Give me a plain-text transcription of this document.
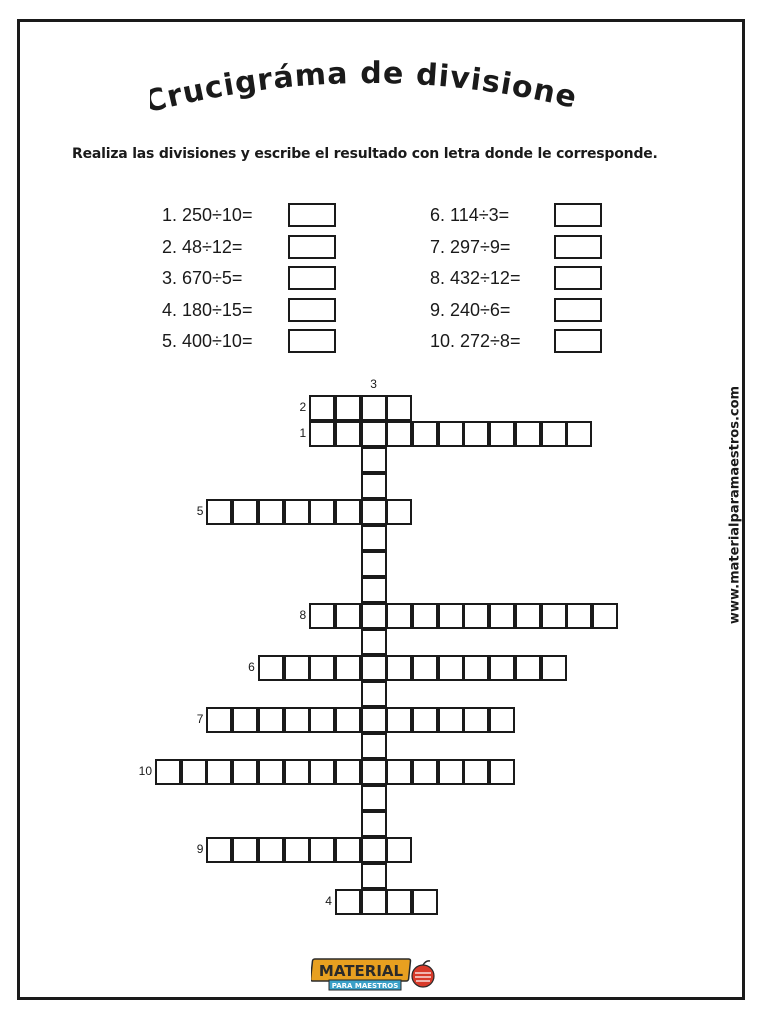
rucigráma de divisione
Realiza las divisiones y escribe el resultado con letra donde le corresponde.
1. 250÷10=
2. 48÷12=
3. 670÷5=
4. 180÷15=
5. 400÷10=
6. 114÷3=
7. 297÷9=
8. 432÷12=
9. 240÷6=
10. 272÷8=
2
1
5
8
6
7
10
9
4
3
www.materialparamaestros.com
MATERIAL
PARA MAESTROS
